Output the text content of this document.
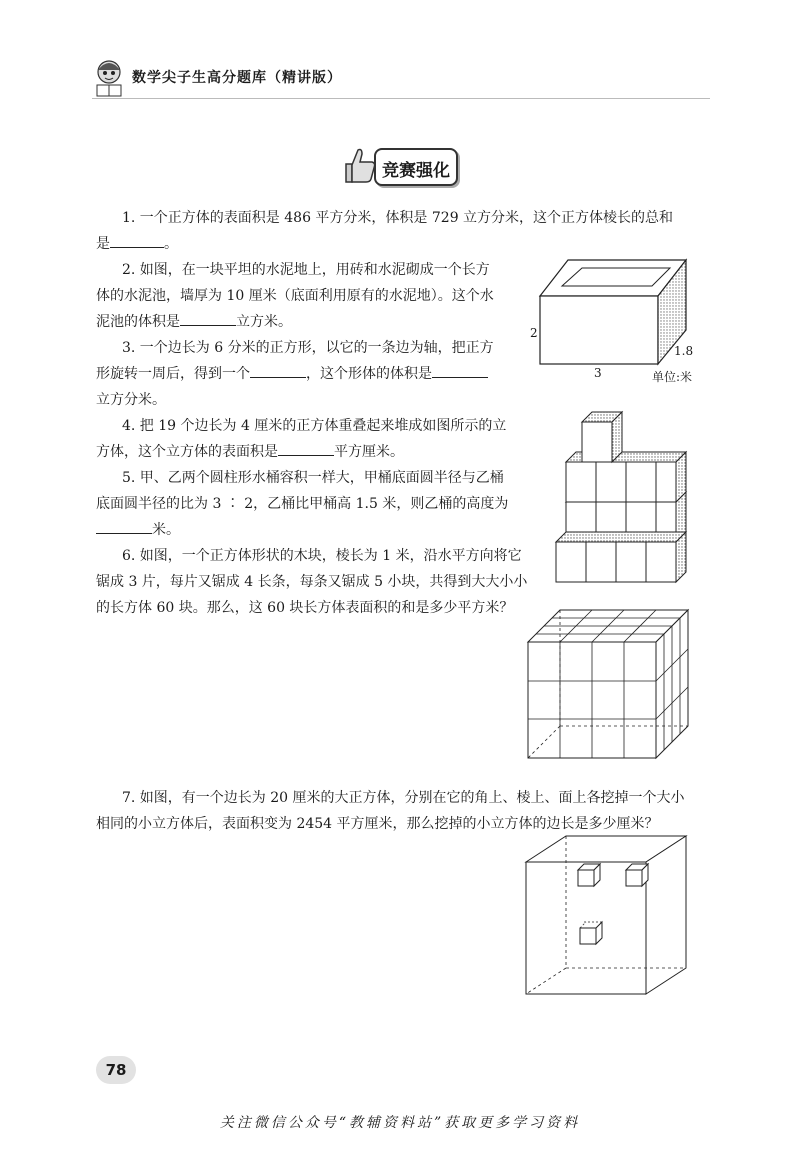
数学尖子生高分题库（精讲版）
竞赛强化
1. 一个正方体的表面积是 486 平方分米，体积是 729 立方分米，这个正方体棱长的总和
是	。
2. 如图，在一块平坦的水泥地上，用砖和水泥砌成一个长方
体的水泥池，墙厚为 10 厘米（底面利用原有的水泥地）。这个水
泥池的体积是	立方米。
3. 一个边长为 6 分米的正方形，以它的一条边为轴，把正方
形旋转一周后，得到一个	，这个形体的体积是
立方分米。
4. 把 19 个边长为 4 厘米的正方体重叠起来堆成如图所示的立
方体，这个立方体的表面积是	平方厘米。
5. 甲、乙两个圆柱形水桶容积一样大，甲桶底面圆半径与乙桶
底面圆半径的比为 3 ∶ 2，乙桶比甲桶高 1.5 米，则乙桶的高度为
米。
6. 如图，一个正方体形状的木块，棱长为 1 米，沿水平方向将它
锯成 3 片，每片又锯成 4 长条，每条又锯成 5 小块，共得到大大小小
的长方体 60 块。那么，这 60 块长方体表面积的和是多少平方米？
7. 如图，有一个边长为 20 厘米的大正方体，分别在它的角上、棱上、面上各挖掉一个大小
相同的小立方体后，表面积变为 2454 平方厘米，那么挖掉的小立方体的边长是多少厘米？
2
3
1.8
单位:米
78
关注微信公众号“教辅资料站”获取更多学习资料
